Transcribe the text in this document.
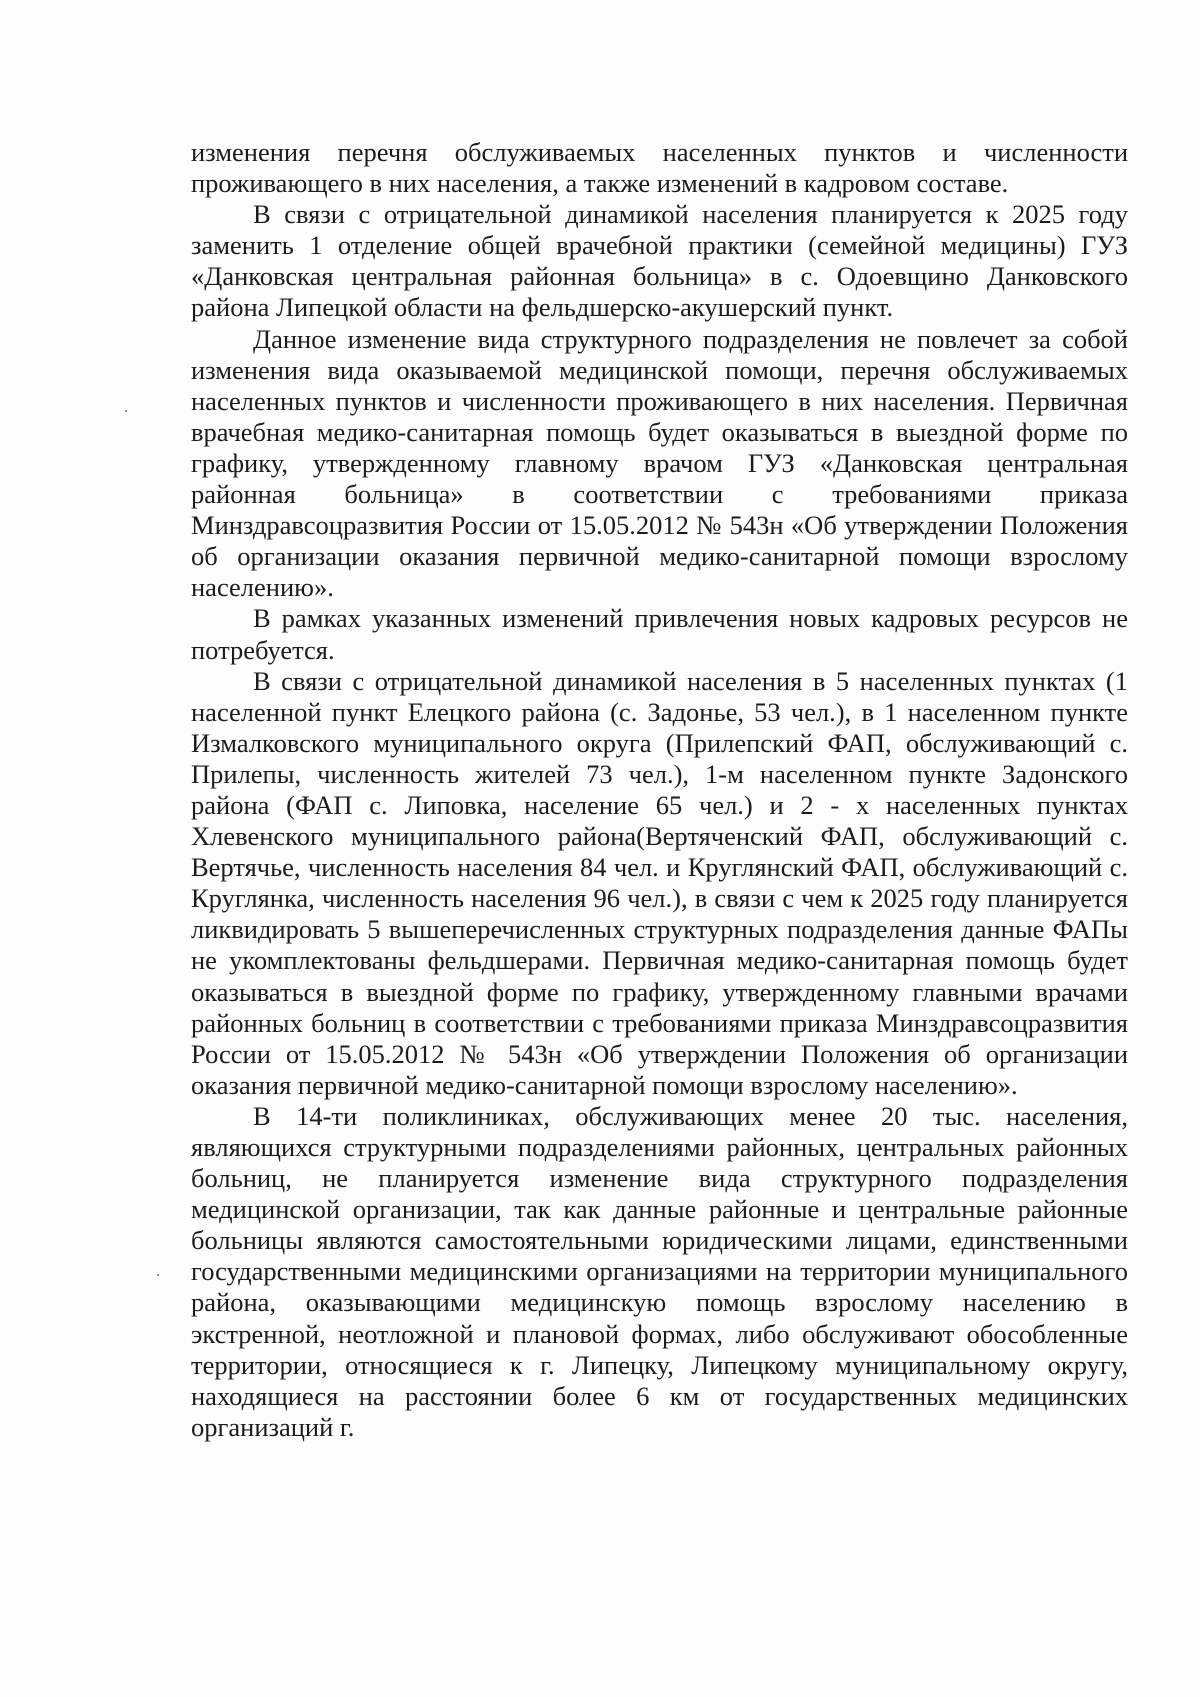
изменения перечня обслуживаемых населенных пунктов и численности проживающего в них населения, а также изменений в кадровом составе.

В связи с отрицательной динамикой населения планируется к 2025 году заменить 1 отделение общей врачебной практики (семейной медицины) ГУЗ «Данковская центральная районная больница» в с. Одоевщино Данковского района Липецкой области на фельдшерско-акушерский пункт.

Данное изменение вида структурного подразделения не повлечет за собой изменения вида оказываемой медицинской помощи, перечня обслуживаемых населенных пунктов и численности проживающего в них населения. Первичная врачебная медико-санитарная помощь будет оказываться в выездной форме по графику, утвержденному главному врачом ГУЗ «Данковская центральная районная больница» в соответствии с требованиями приказа Минздравсоцразвития России от 15.05.2012 № 543н «Об утверждении Положения об организации оказания первичной медико-санитарной помощи взрослому населению».

В рамках указанных изменений привлечения новых кадровых ресурсов не потребуется.

В связи с отрицательной динамикой населения в 5 населенных пунктах (1 населенной пункт Елецкого района (с. Задонье, 53 чел.), в 1 населенном пункте Измалковского муниципального округа (Прилепский ФАП, обслуживающий с. Прилепы, численность жителей 73 чел.), 1-м населенном пункте Задонского района (ФАП с. Липовка, население 65 чел.) и 2 - х населенных пунктах Хлевенского муниципального района(Вертяченский ФАП, обслуживающий с. Вертячье, численность населения 84 чел. и Круглянский ФАП, обслуживающий с. Круглянка, численность населения 96 чел.), в связи с чем к 2025 году планируется ликвидировать 5 вышеперечисленных структурных подразделения данные ФАПы не укомплектованы фельдшерами. Первичная медико-санитарная помощь будет оказываться в выездной форме по графику, утвержденному главными врачами районных больниц в соответствии с требованиями приказа Минздравсоцразвития России от 15.05.2012 № 543н «Об утверждении Положения об организации оказания первичной медико-санитарной помощи взрослому населению».

В 14-ти поликлиниках, обслуживающих менее 20 тыс. населения, являющихся структурными подразделениями районных, центральных районных больниц, не планируется изменение вида структурного подразделения медицинской организации, так как данные районные и центральные районные больницы являются самостоятельными юридическими лицами, единственными государственными медицинскими организациями на территории муниципального района, оказывающими медицинскую помощь взрослому населению в экстренной, неотложной и плановой формах, либо обслуживают обособленные территории, относящиеся к г. Липецку, Липецкому муниципальному округу, находящиеся на расстоянии более 6 км от государственных медицинских организаций г.
